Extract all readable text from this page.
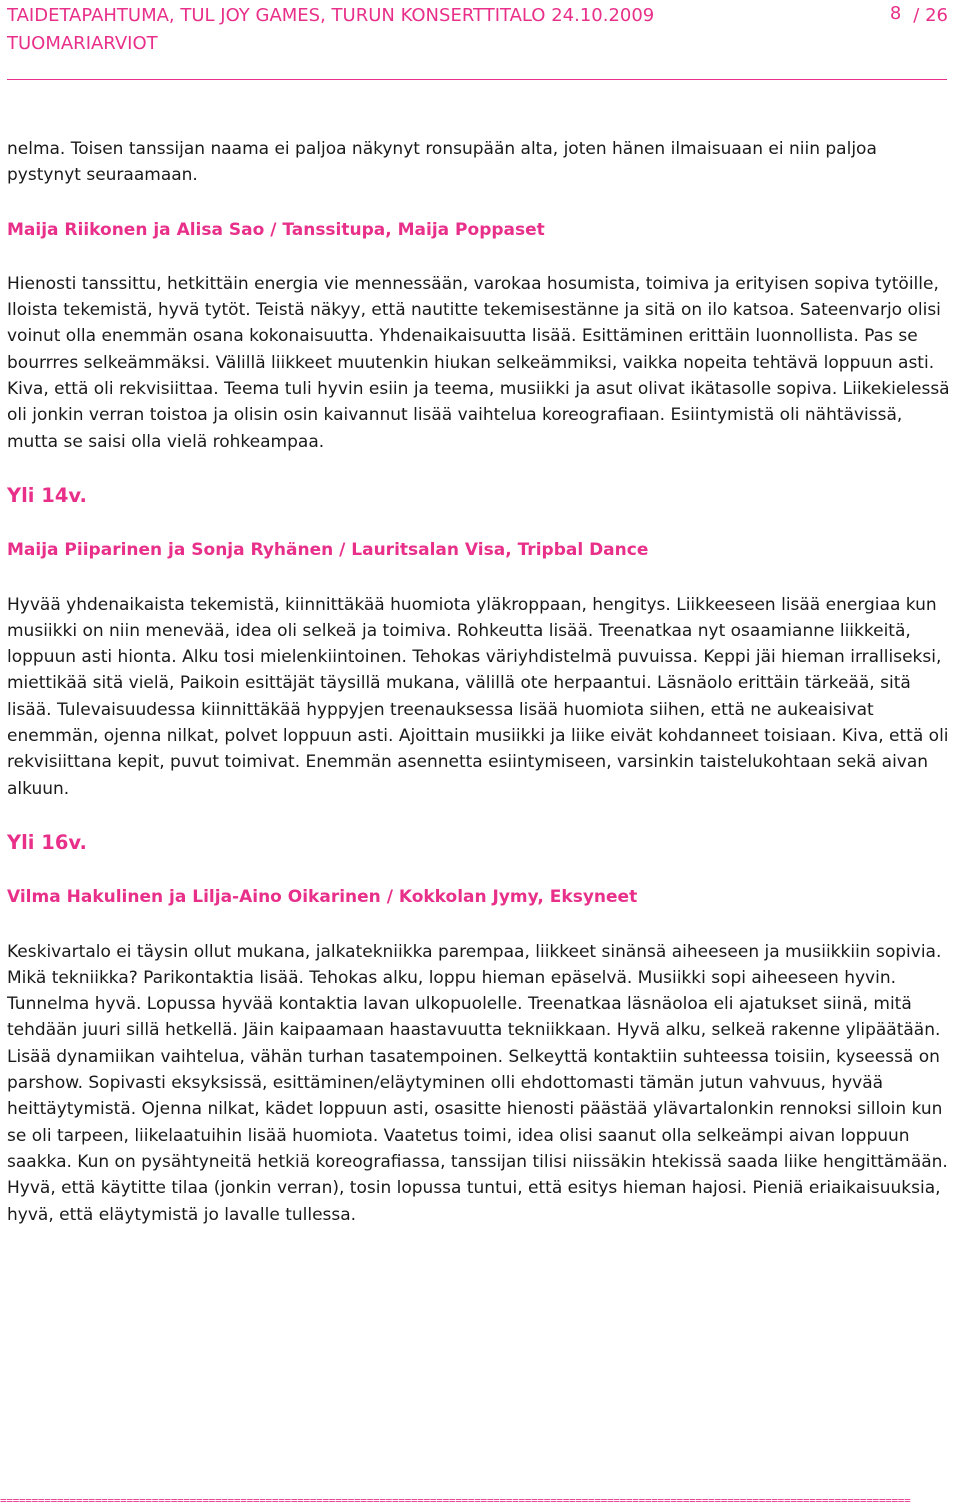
TAIDETAPAHTUMA, TUL JOY GAMES, TURUN KONSERTTITALO 24.10.2009
TUOMARIARVIOT
8 / 26

nelma. Toisen tanssijan naama ei paljoa näkynyt ronsupään alta, joten hänen ilmaisuaan ei niin paljoa pystynyt seuraamaan.

Maija Riikonen ja Alisa Sao / Tanssitupa, Maija Poppaset

Hienosti tanssittu, hetkittäin energia vie mennessään, varokaa hosumista, toimiva ja erityisen sopiva tytöille, Iloista tekemistä, hyvä tytöt. Teistä näkyy, että nautitte tekemisestänne ja sitä on ilo katsoa. Sateenvarjo olisi voinut olla enemmän osana kokonaisuutta. Yhdenaikaisuutta lisää. Esittäminen erittäin luonnollista. Pas se bourrres selkeämmäksi. Välillä liikkeet muutenkin hiukan selkeämmiksi, vaikka nopeita tehtävä loppuun asti. Kiva, että oli rekvisiittaa. Teema tuli hyvin esiin ja teema, musiikki ja asut olivat ikätasolle sopiva. Liikekielessä oli jonkin verran toistoa ja olisin osin kaivannut lisää vaihtelua koreografiaan. Esiintymistä oli nähtävissä, mutta se saisi olla vielä rohkeampaa.

Yli 14v.

Maija Piiparinen ja Sonja Ryhänen / Lauritsalan Visa, Tripbal Dance

Hyvää yhdenaikaista tekemistä, kiinnittäkää huomiota yläkroppaan, hengitys. Liikkeeseen lisää energiaa kun musiikki on niin menevää, idea oli selkeä ja toimiva. Rohkeutta lisää. Treenatkaa nyt osaamianne liikkeitä, loppuun asti hionta. Alku tosi mielenkiintoinen. Tehokas väriyhdistelmä puvuissa. Keppi jäi hieman irralliseksi, miettikää sitä vielä, Paikoin esittäjät täysillä mukana, välillä ote herpaantui. Läsnäolo erittäin tärkeää, sitä lisää. Tulevaisuudessa kiinnittäkää hyppyjen treenauksessa lisää huomiota siihen, että ne aukeaisivat enemmän, ojenna nilkat, polvet loppuun asti. Ajoittain musiikki ja liike eivät kohdanneet toisiaan. Kiva, että oli rekvisiittana kepit, puvut toimivat. Enemmän asennetta esiintymiseen, varsinkin taistelukohtaan sekä aivan alkuun.

Yli 16v.

Vilma Hakulinen ja Lilja-Aino Oikarinen / Kokkolan Jymy, Eksyneet

Keskivartalo ei täysin ollut mukana, jalkatekniikka parempaa, liikkeet sinänsä aiheeseen ja musiikkiin sopivia. Mikä tekniikka? Parikontaktia lisää. Tehokas alku, loppu hieman epäselvä. Musiikki sopi aiheeseen hyvin. Tunnelma hyvä. Lopussa hyvää kontaktia lavan ulkopuolelle. Treenatkaa läsnäoloa eli ajatukset siinä, mitä tehdään juuri sillä hetkellä. Jäin kaipaamaan haastavuutta tekniikkaan. Hyvä alku, selkeä rakenne ylipäätään. Lisää dynamiikan vaihtelua, vähän turhan tasatempoinen. Selkeyttä kontaktiin suhteessa toisiin, kyseessä on parshow. Sopivasti eksyksissä, esittäminen/eläytyminen olli ehdottomasti tämän jutun vahvuus, hyvää heittäytymistä. Ojenna nilkat, kädet loppuun asti, osasitte hienosti päästää ylävartalonkin rennoksi silloin kun se oli tarpeen, liikelaatuihin lisää huomiota. Vaatetus toimi, idea olisi saanut olla selkeämpi aivan loppuun saakka. Kun on pysähtyneitä hetkiä koreografiassa, tanssijan tilisi niissäkin htekissä saada liike hengittämään. Hyvä, että käytitte tilaa (jonkin verran), tosin lopussa tuntui, että esitys hieman hajosi. Pieniä eriaikaisuuksia, hyvä, että eläytymistä jo lavalle tullessa.

================================================================================================================================================
